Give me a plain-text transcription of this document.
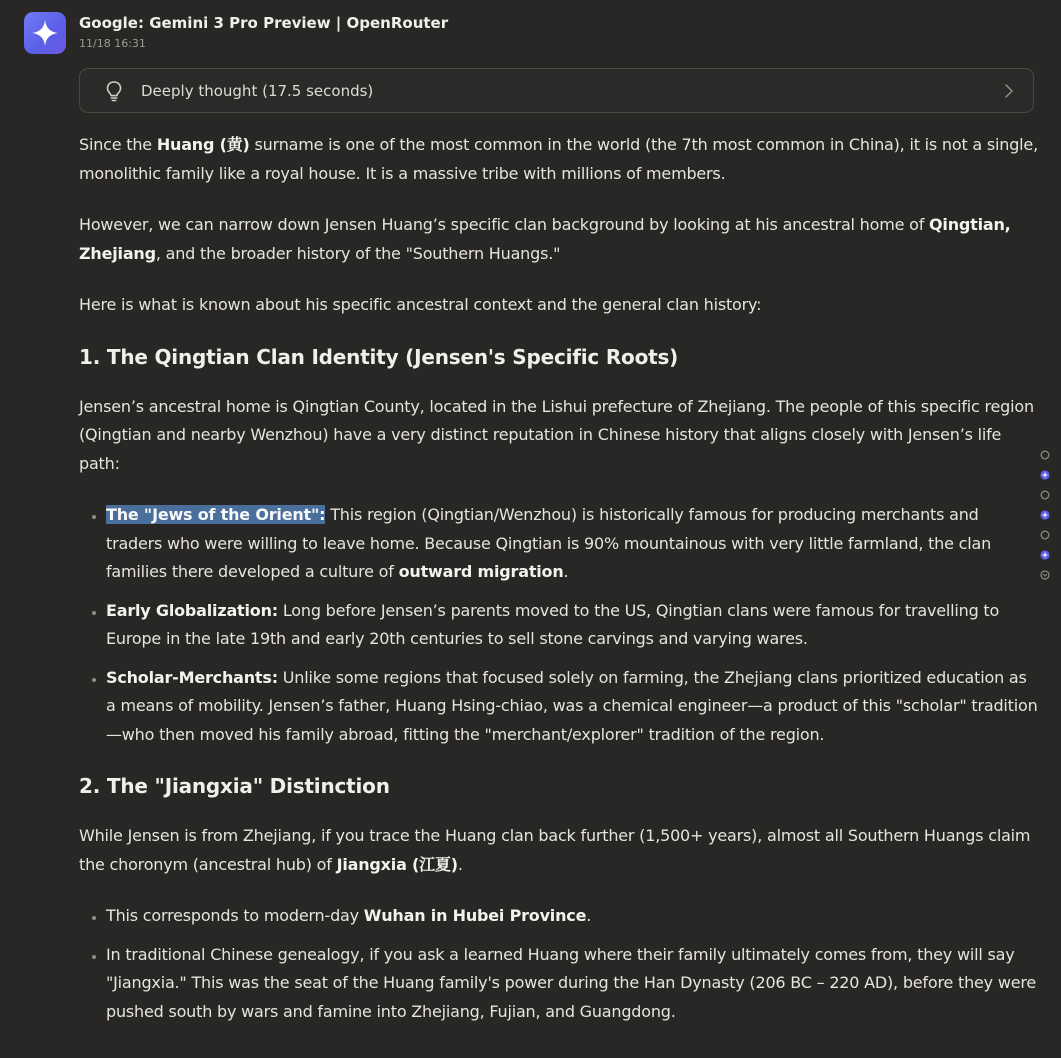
Google: Gemini 3 Pro Preview | OpenRouter
11/18 16:31
Deeply thought (17.5 seconds)

Since the Huang (黄) surname is one of the most common in the world (the 7th most common in China), it is not a single, monolithic family like a royal house. It is a massive tribe with millions of members.

However, we can narrow down Jensen Huang’s specific clan background by looking at his ancestral home of Qingtian, Zhejiang, and the broader history of the "Southern Huangs."

Here is what is known about his specific ancestral context and the general clan history:

1. The Qingtian Clan Identity (Jensen's Specific Roots)

Jensen’s ancestral home is Qingtian County, located in the Lishui prefecture of Zhejiang. The people of this specific region (Qingtian and nearby Wenzhou) have a very distinct reputation in Chinese history that aligns closely with Jensen’s life path:

• The "Jews of the Orient": This region (Qingtian/Wenzhou) is historically famous for producing merchants and traders who were willing to leave home. Because Qingtian is 90% mountainous with very little farmland, the clan families there developed a culture of outward migration.
• Early Globalization: Long before Jensen’s parents moved to the US, Qingtian clans were famous for travelling to Europe in the late 19th and early 20th centuries to sell stone carvings and varying wares.
• Scholar-Merchants: Unlike some regions that focused solely on farming, the Zhejiang clans prioritized education as a means of mobility. Jensen’s father, Huang Hsing-chiao, was a chemical engineer—a product of this "scholar" tradition—who then moved his family abroad, fitting the "merchant/explorer" tradition of the region.
2. The "Jiangxia" Distinction

While Jensen is from Zhejiang, if you trace the Huang clan back further (1,500+ years), almost all Southern Huangs claim the choronym (ancestral hub) of Jiangxia (江夏).

• This corresponds to modern-day Wuhan in Hubei Province.
• In traditional Chinese genealogy, if you ask a learned Huang where their family ultimately comes from, they will say "Jiangxia." This was the seat of the Huang family's power during the Han Dynasty (206 BC – 220 AD), before they were pushed south by wars and famine into Zhejiang, Fujian, and Guangdong.
